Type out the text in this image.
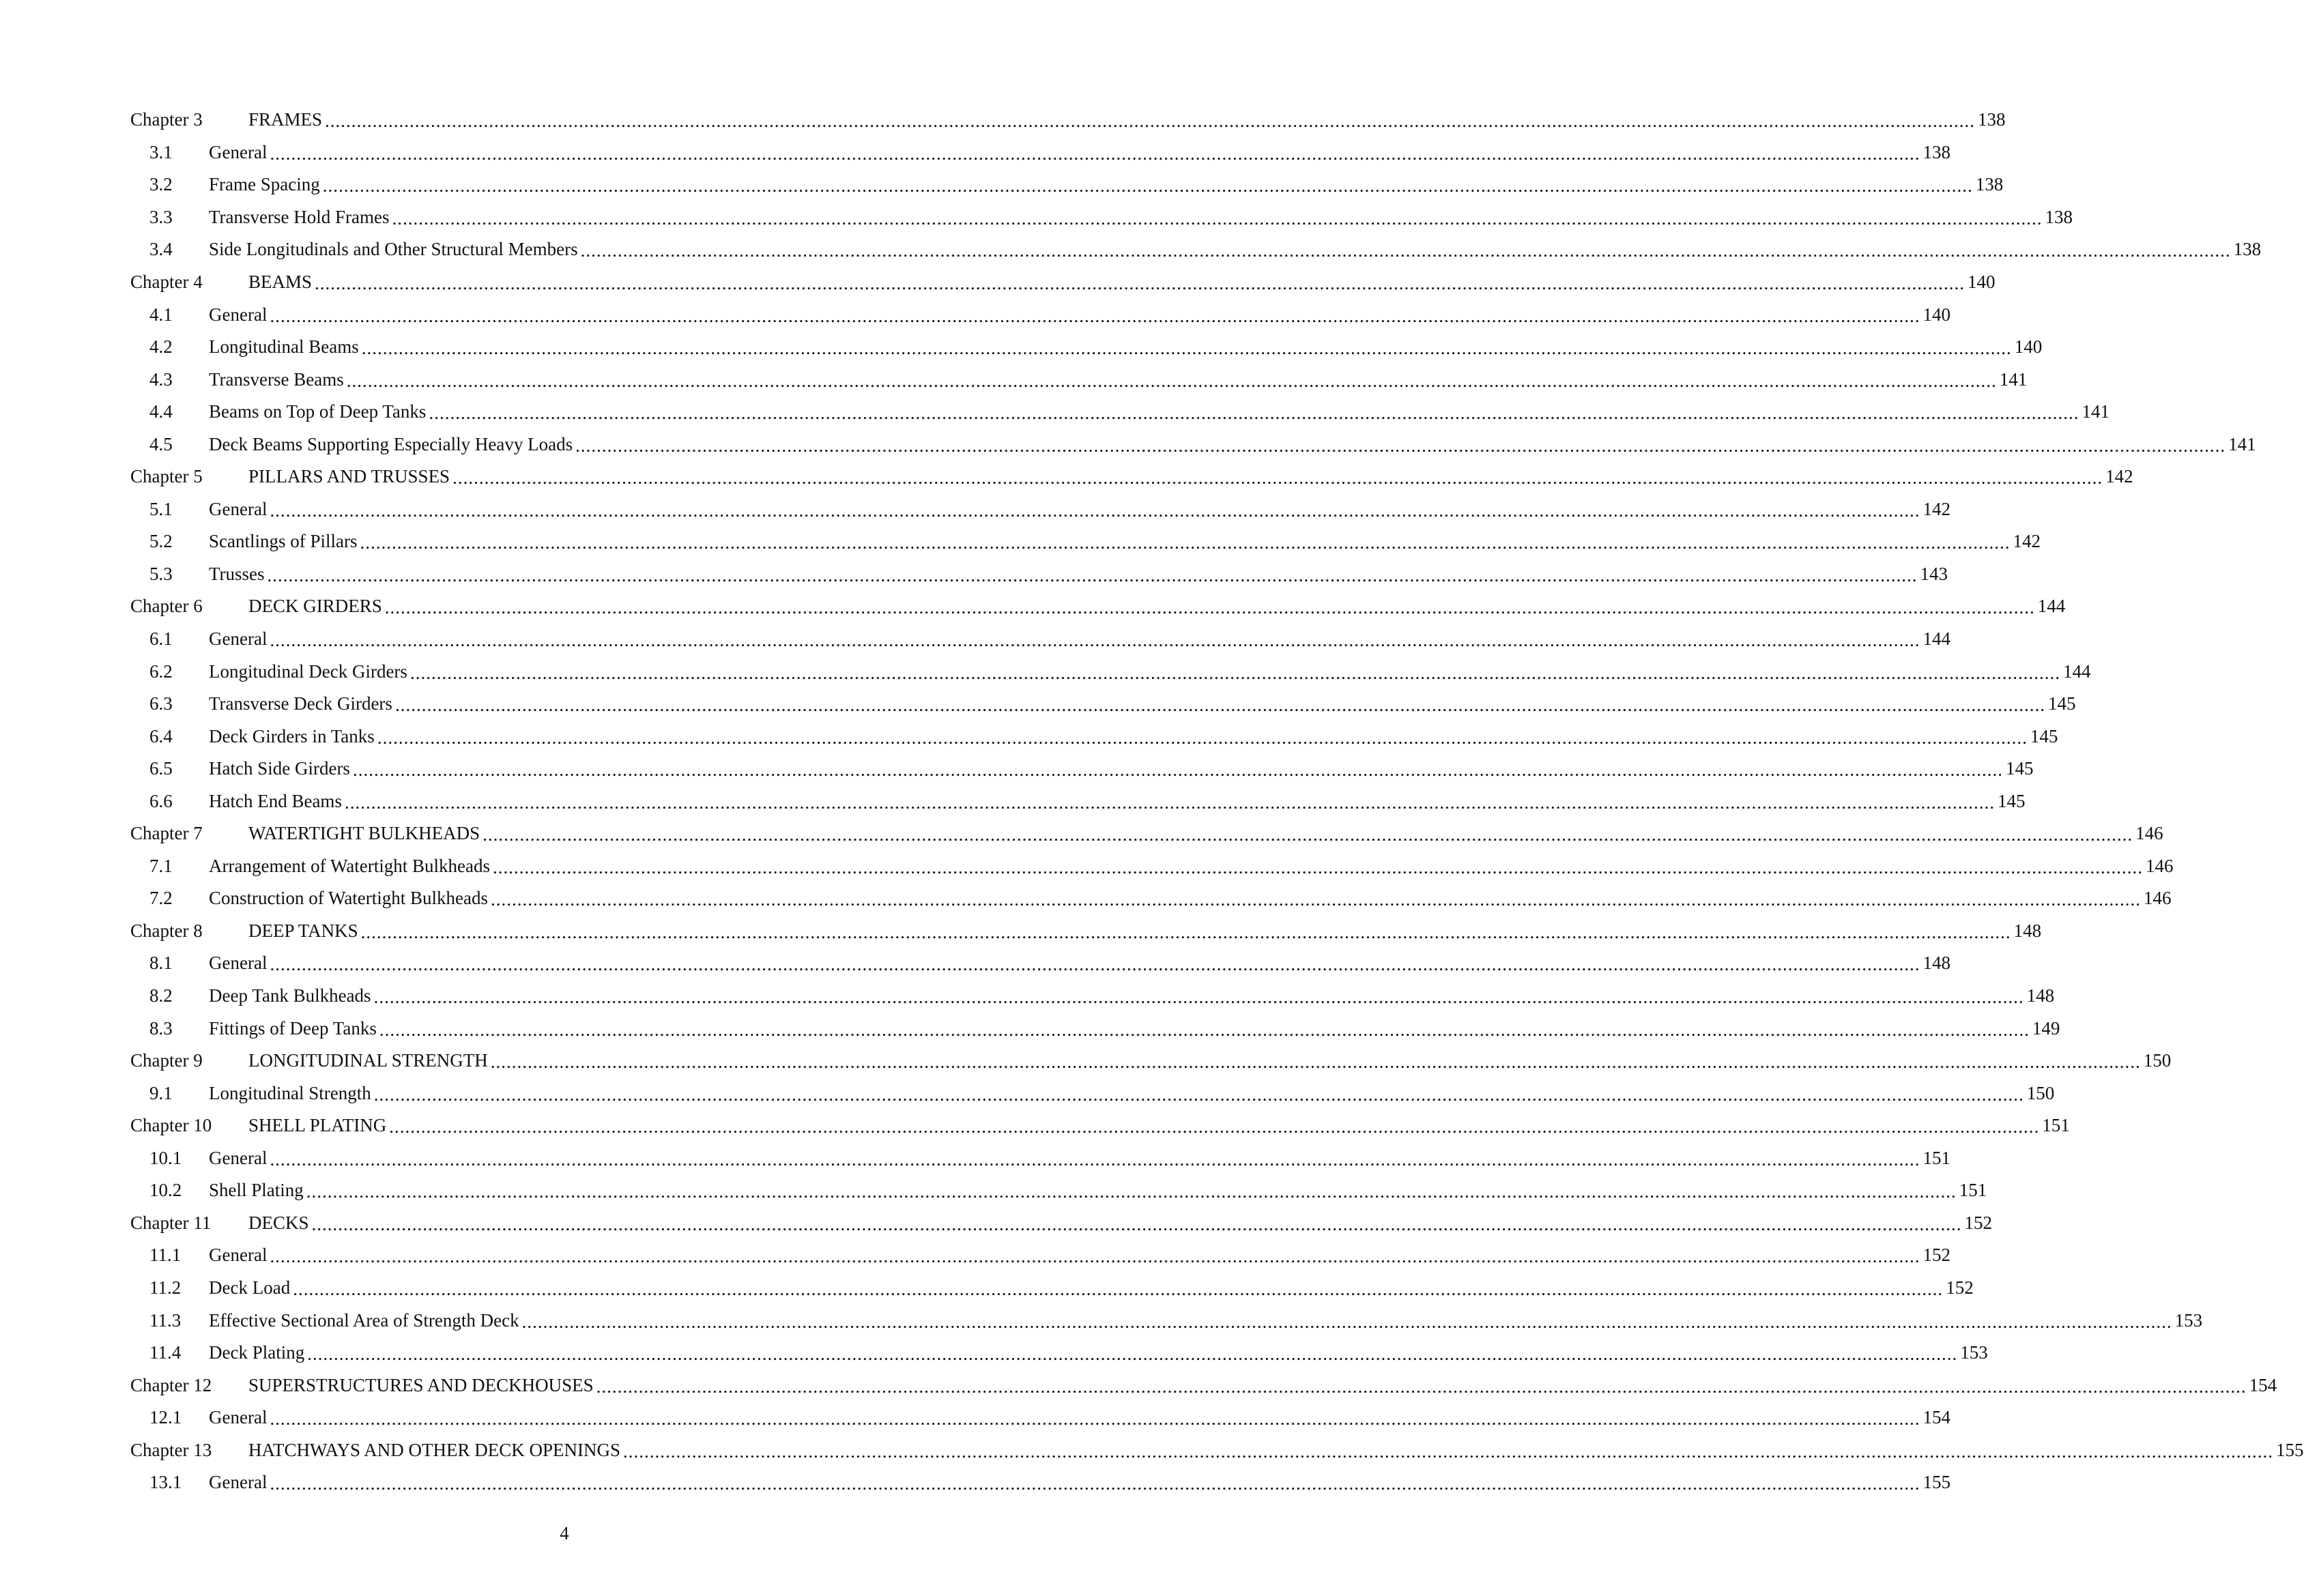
Chapter 3	FRAMES .....	138
3.1	General .....	138
3.2	Frame Spacing .....	138
3.3	Transverse Hold Frames .....	138
3.4	Side Longitudinals and Other Structural Members .....	138
Chapter 4	BEAMS .....	140
4.1	General .....	140
4.2	Longitudinal Beams .....	140
4.3	Transverse Beams .....	141
4.4	Beams on Top of Deep Tanks .....	141
4.5	Deck Beams Supporting Especially Heavy Loads .....	141
Chapter 5	PILLARS AND TRUSSES .....	142
5.1	General .....	142
5.2	Scantlings of Pillars .....	142
5.3	Trusses .....	143
Chapter 6	DECK GIRDERS .....	144
6.1	General .....	144
6.2	Longitudinal Deck Girders .....	144
6.3	Transverse Deck Girders .....	145
6.4	Deck Girders in Tanks .....	145
6.5	Hatch Side Girders .....	145
6.6	Hatch End Beams .....	145
Chapter 7	WATERTIGHT BULKHEADS .....	146
7.1	Arrangement of Watertight Bulkheads .....	146
7.2	Construction of Watertight Bulkheads .....	146
Chapter 8	DEEP TANKS .....	148
8.1	General .....	148
8.2	Deep Tank Bulkheads .....	148
8.3	Fittings of Deep Tanks .....	149
Chapter 9	LONGITUDINAL STRENGTH .....	150
9.1	Longitudinal Strength .....	150
Chapter 10	SHELL PLATING .....	151
10.1	General .....	151
10.2	Shell Plating .....	151
Chapter 11	DECKS .....	152
11.1	General .....	152
11.2	Deck Load .....	152
11.3	Effective Sectional Area of Strength Deck .....	153
11.4	Deck Plating .....	153
Chapter 12	SUPERSTRUCTURES AND DECKHOUSES .....	154
12.1	General .....	154
Chapter 13	HATCHWAYS AND OTHER DECK OPENINGS .....	155
13.1	General .....	155
4
